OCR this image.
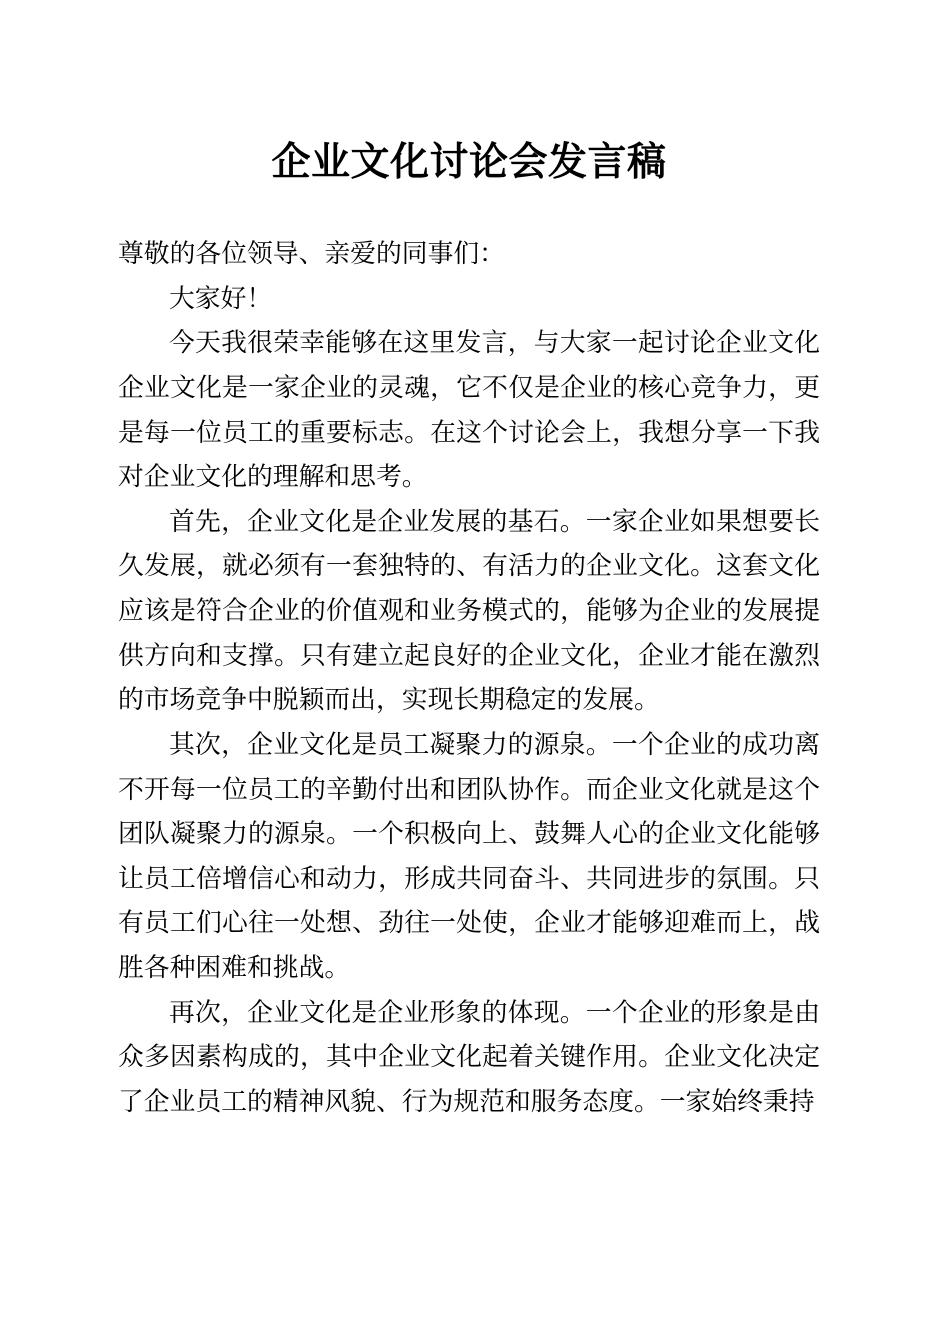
企业文化讨论会发言稿

尊敬的各位领导、亲爱的同事们：

大家好！

今天我很荣幸能够在这里发言，与大家一起讨论企业文化
企业文化是一家企业的灵魂，它不仅是企业的核心竞争力，更
是每一位员工的重要标志。在这个讨论会上，我想分享一下我
对企业文化的理解和思考。

首先，企业文化是企业发展的基石。一家企业如果想要长
久发展，就必须有一套独特的、有活力的企业文化。这套文化
应该是符合企业的价值观和业务模式的，能够为企业的发展提
供方向和支撑。只有建立起良好的企业文化，企业才能在激烈
的市场竞争中脱颖而出，实现长期稳定的发展。

其次，企业文化是员工凝聚力的源泉。一个企业的成功离
不开每一位员工的辛勤付出和团队协作。而企业文化就是这个
团队凝聚力的源泉。一个积极向上、鼓舞人心的企业文化能够
让员工倍增信心和动力，形成共同奋斗、共同进步的氛围。只
有员工们心往一处想、劲往一处使，企业才能够迎难而上，战
胜各种困难和挑战。

再次，企业文化是企业形象的体现。一个企业的形象是由
众多因素构成的，其中企业文化起着关键作用。企业文化决定
了企业员工的精神风貌、行为规范和服务态度。一家始终秉持
